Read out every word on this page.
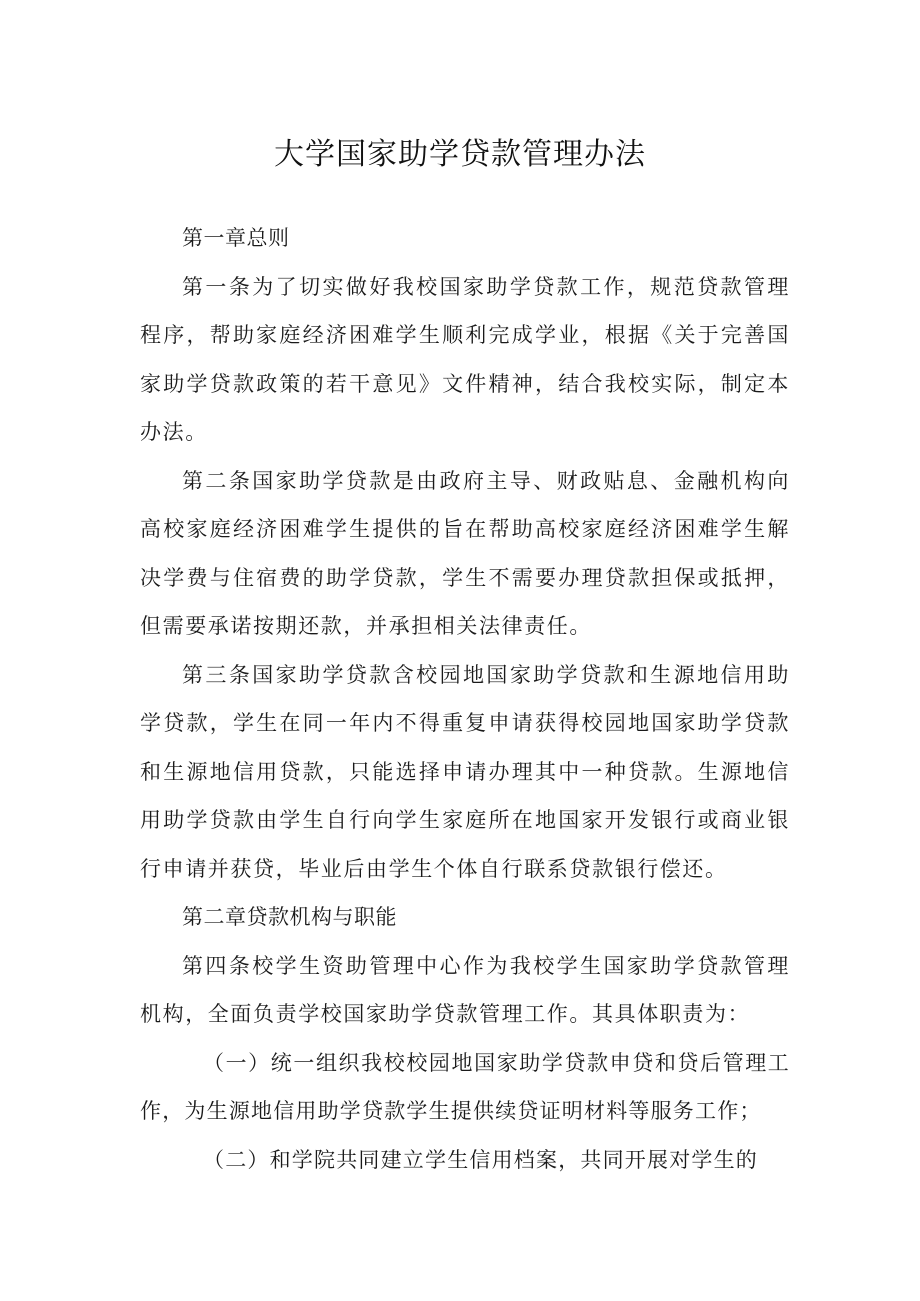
大学国家助学贷款管理办法

第一章总则

第一条为了切实做好我校国家助学贷款工作，规范贷款管理程序，帮助家庭经济困难学生顺利完成学业，根据《关于完善国家助学贷款政策的若干意见》文件精神，结合我校实际，制定本办法。

第二条国家助学贷款是由政府主导、财政贴息、金融机构向高校家庭经济困难学生提供的旨在帮助高校家庭经济困难学生解决学费与住宿费的助学贷款，学生不需要办理贷款担保或抵押，但需要承诺按期还款，并承担相关法律责任。

第三条国家助学贷款含校园地国家助学贷款和生源地信用助学贷款，学生在同一年内不得重复申请获得校园地国家助学贷款和生源地信用贷款，只能选择申请办理其中一种贷款。生源地信用助学贷款由学生自行向学生家庭所在地国家开发银行或商业银行申请并获贷，毕业后由学生个体自行联系贷款银行偿还。

第二章贷款机构与职能

第四条校学生资助管理中心作为我校学生国家助学贷款管理机构，全面负责学校国家助学贷款管理工作。其具体职责为：

（一）统一组织我校校园地国家助学贷款申贷和贷后管理工作，为生源地信用助学贷款学生提供续贷证明材料等服务工作；

（二）和学院共同建立学生信用档案，共同开展对学生的
